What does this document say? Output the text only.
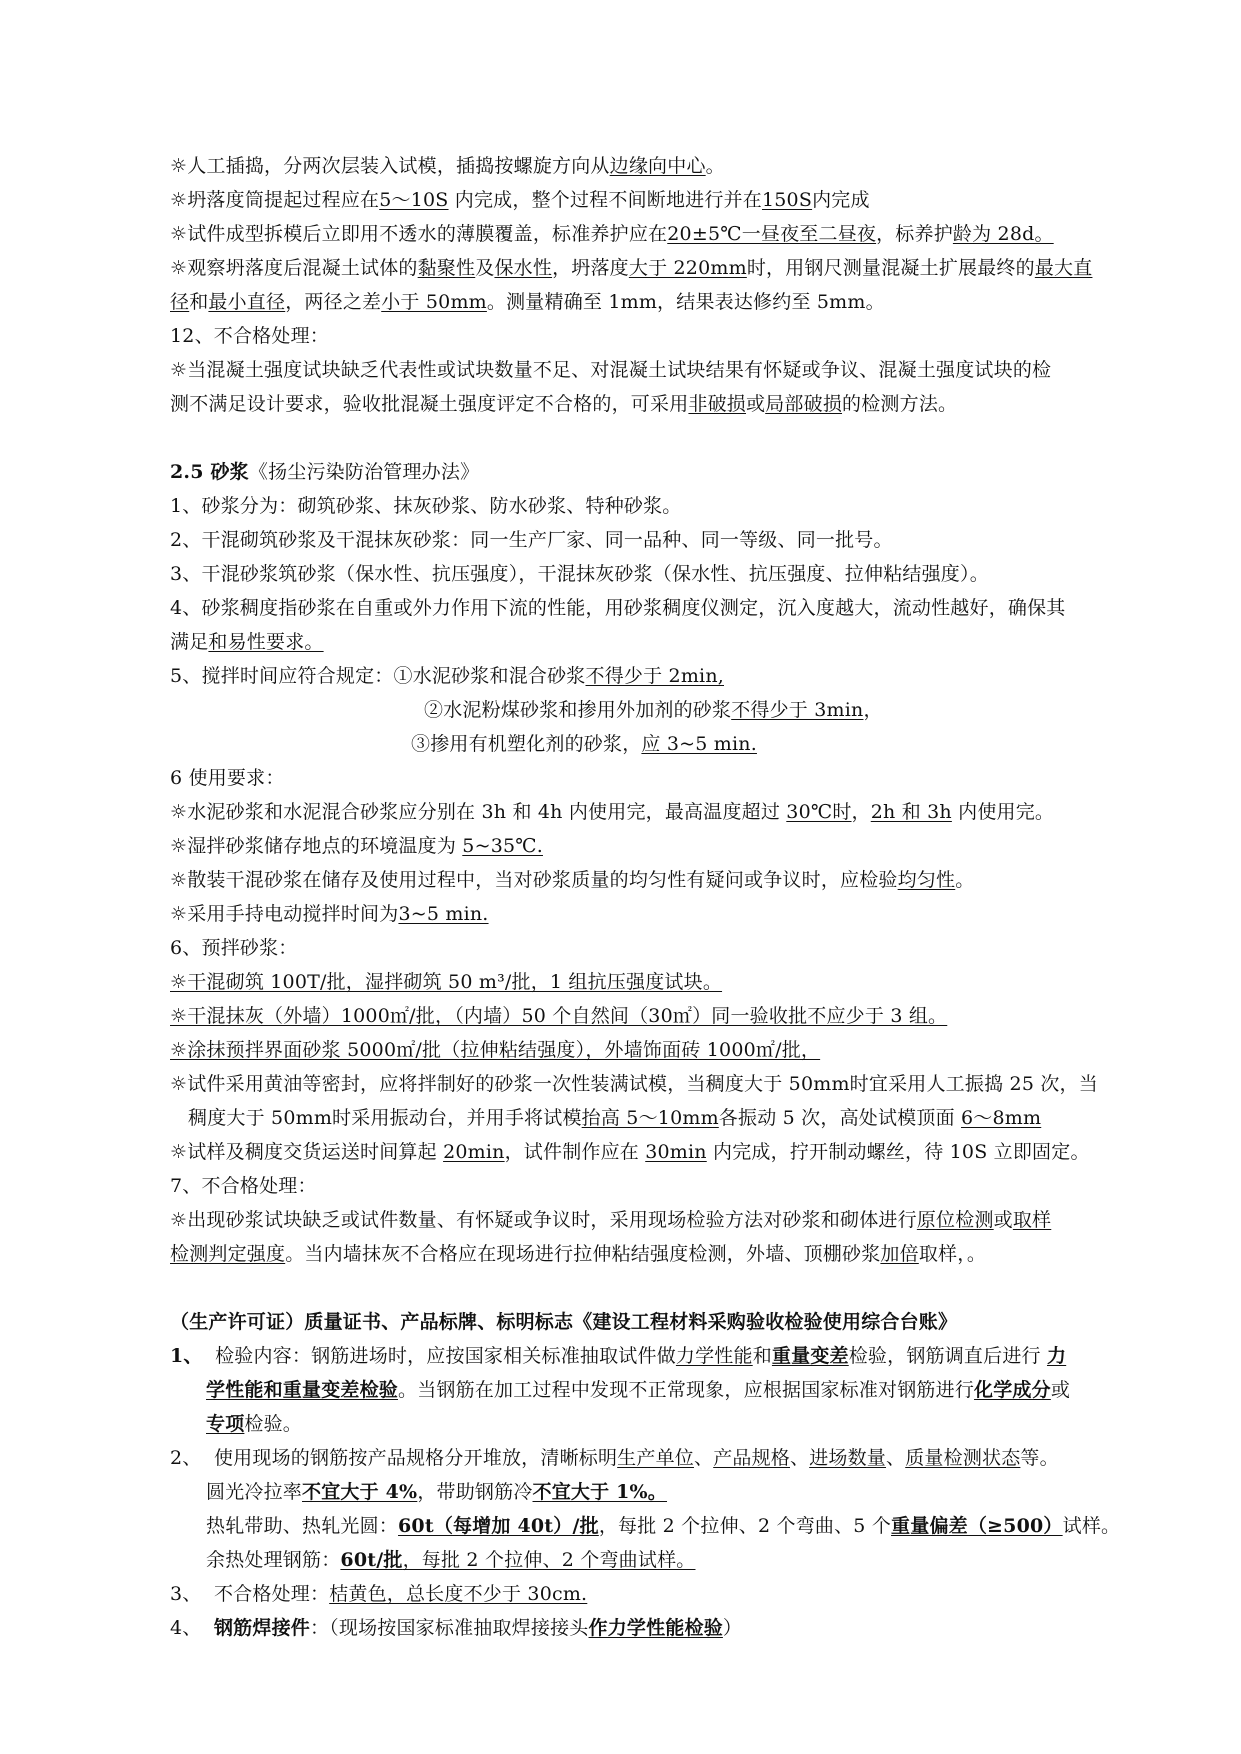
☼人工插捣，分两次层装入试模，插捣按螺旋方向从边缘向中心。
☼坍落度筒提起过程应在5～10S 内完成，整个过程不间断地进行并在150S内完成
☼试件成型拆模后立即用不透水的薄膜覆盖，标准养护应在20±5℃一昼夜至二昼夜，标养护龄为 28d。
☼观察坍落度后混凝土试体的黏聚性及保水性，坍落度大于 220mm时，用钢尺测量混凝土扩展最终的最大直
径和最小直径，两径之差小于 50mm。测量精确至 1mm，结果表达修约至 5mm。
12、不合格处理：
☼当混凝土强度试块缺乏代表性或试块数量不足、对混凝土试块结果有怀疑或争议、混凝土强度试块的检
测不满足设计要求，验收批混凝土强度评定不合格的，可采用非破损或局部破损的检测方法。
2.5 砂浆《扬尘污染防治管理办法》
1、砂浆分为：砌筑砂浆、抹灰砂浆、防水砂浆、特种砂浆。
2、干混砌筑砂浆及干混抹灰砂浆：同一生产厂家、同一品种、同一等级、同一批号。
3、干混砂浆筑砂浆（保水性、抗压强度），干混抹灰砂浆（保水性、抗压强度、拉伸粘结强度）。
4、砂浆稠度指砂浆在自重或外力作用下流的性能，用砂浆稠度仪测定，沉入度越大，流动性越好，确保其
满足和易性要求。
5、搅拌时间应符合规定：①水泥砂浆和混合砂浆不得少于 2min,
②水泥粉煤砂浆和掺用外加剂的砂浆不得少于 3min，
③掺用有机塑化剂的砂浆，应 3~5 min.
6 使用要求：
☼水泥砂浆和水泥混合砂浆应分别在 3h 和 4h 内使用完，最高温度超过 30℃时，2h 和 3h 内使用完。
☼湿拌砂浆储存地点的环境温度为 5~35℃.
☼散装干混砂浆在储存及使用过程中，当对砂浆质量的均匀性有疑问或争议时，应检验均匀性。
☼采用手持电动搅拌时间为3~5 min.
6、预拌砂浆：
☼干混砌筑 100T/批，湿拌砌筑 50 m³/批，1 组抗压强度试块。
☼干混抹灰（外墙）1000㎡/批，（内墙）50 个自然间（30㎡）同一验收批不应少于 3 组。
☼涂抹预拌界面砂浆 5000㎡/批（拉伸粘结强度），外墙饰面砖 1000㎡/批，
☼试件采用黄油等密封，应将拌制好的砂浆一次性装满试模，当稠度大于 50mm时宜采用人工振捣 25 次，当
稠度大于 50mm时采用振动台，并用手将试模抬高 5～10mm各振动 5 次，高处试模顶面 6～8mm
☼试样及稠度交货运送时间算起 20min，试件制作应在 30min 内完成，拧开制动螺丝，待 10S 立即固定。
7、不合格处理：
☼出现砂浆试块缺乏或试件数量、有怀疑或争议时，采用现场检验方法对砂浆和砌体进行原位检测或取样
检测判定强度。当内墙抹灰不合格应在现场进行拉伸粘结强度检测，外墙、顶棚砂浆加倍取样，。
（生产许可证）质量证书、产品标牌、标明标志《建设工程材料采购验收检验使用综合台账》
1、  检验内容：钢筋进场时，应按国家相关标准抽取试件做力学性能和重量变差检验，钢筋调直后进行 力
学性能和重量变差检验。当钢筋在加工过程中发现不正常现象，应根据国家标准对钢筋进行化学成分或
专项检验。
2、  使用现场的钢筋按产品规格分开堆放，清晰标明生产单位、产品规格、进场数量、质量检测状态等。
圆光冷拉率不宜大于 4%，带助钢筋冷不宜大于 1%。
热轧带助、热轧光圆：60t（每增加 40t）/批，每批 2 个拉伸、2 个弯曲、5 个重量偏差（≥500）试样。
余热处理钢筋：60t/批，每批 2 个拉伸、2 个弯曲试样。
3、  不合格处理：桔黄色，总长度不少于 30cm.
4、  钢筋焊接件：（现场按国家标准抽取焊接接头作力学性能检验）
